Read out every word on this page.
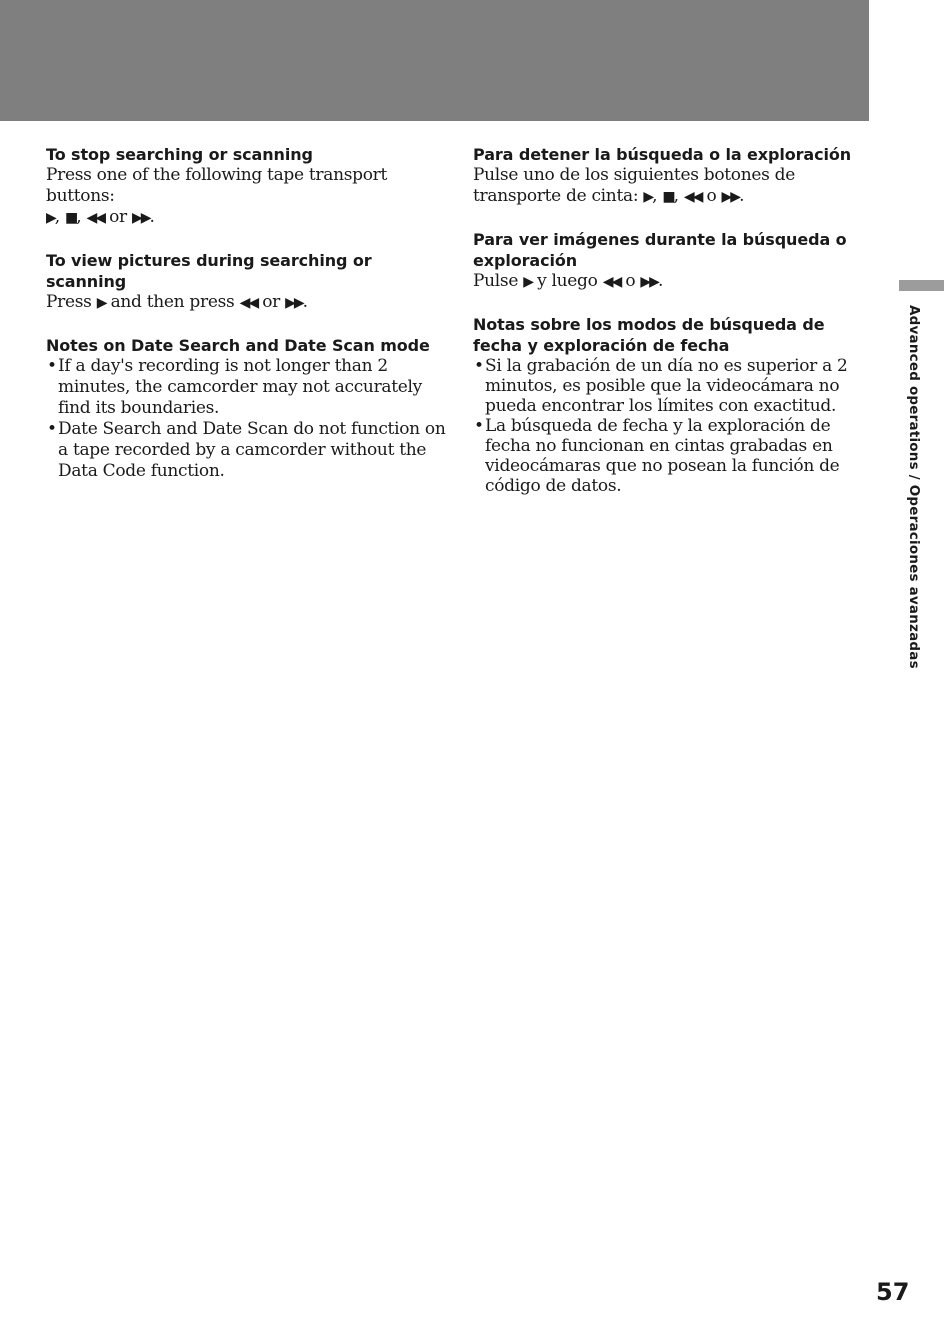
To stop searching or scanning

Press one of the following tape transport buttons:
▶, ■, ◀◀ or ▶▶.

To view pictures during searching or scanning

Press ▶ and then press ◀◀ or ▶▶.

Notes on Date Search and Date Scan mode

• If a day's recording is not longer than 2 minutes, the camcorder may not accurately find its boundaries.
• Date Search and Date Scan do not function on a tape recorded by a camcorder without the Data Code function.

Para detener la búsqueda o la exploración

Pulse uno de los siguientes botones de transporte de cinta: ▶, ■, ◀◀ o ▶▶.

Para ver imágenes durante la búsqueda o exploración

Pulse ▶ y luego ◀◀ o ▶▶.

Notas sobre los modos de búsqueda de fecha y exploración de fecha

• Si la grabación de un día no es superior a 2 minutos, es posible que la videocámara no pueda encontrar los límites con exactitud.
• La búsqueda de fecha y la exploración de fecha no funcionan en cintas grabadas en videocámaras que no posean la función de código de datos.	Advanced operations / Operaciones avanzadas
57
